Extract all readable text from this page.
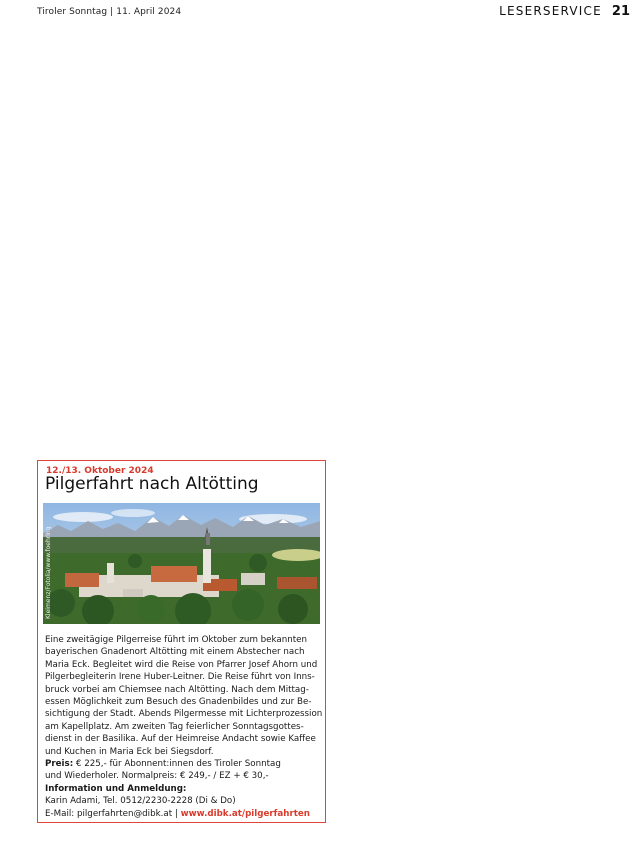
Tiroler Sonntag | 11. April 2024	LESERSERVICE 21
12./13. Oktober 2024
Pilgerfahrt nach Altötting
Kleimenz/Fotolia/www.foehring

Eine zweitägige Pilgerreise führt im Oktober zum bekannten

bayerischen Gnadenort Altötting mit einem Abstecher nach

Maria Eck. Begleitet wird die Reise von Pfarrer Josef Ahorn und

Pilgerbegleiterin Irene Huber-Leitner. Die Reise führt von Inns-

bruck vorbei am Chiemsee nach Altötting. Nach dem Mittag-

essen Möglichkeit zum Besuch des Gnadenbildes und zur Be-

sichtigung der Stadt. Abends Pilgermesse mit Lichterprozession

am Kapellplatz. Am zweiten Tag feierlicher Sonntagsgottes-

dienst in der Basilika. Auf der Heimreise Andacht sowie Kaffee

und Kuchen in Maria Eck bei Siegsdorf.

Preis: € 225,- für Abonnent:innen des Tiroler Sonntag

und Wiederholer. Normalpreis: € 249,- / EZ + € 30,-

Information und Anmeldung:

Karin Adami, Tel. 0512/2230-2228 (Di & Do)

E-Mail: pilgerfahrten@dibk.at | www.dibk.at/pilgerfahrten
